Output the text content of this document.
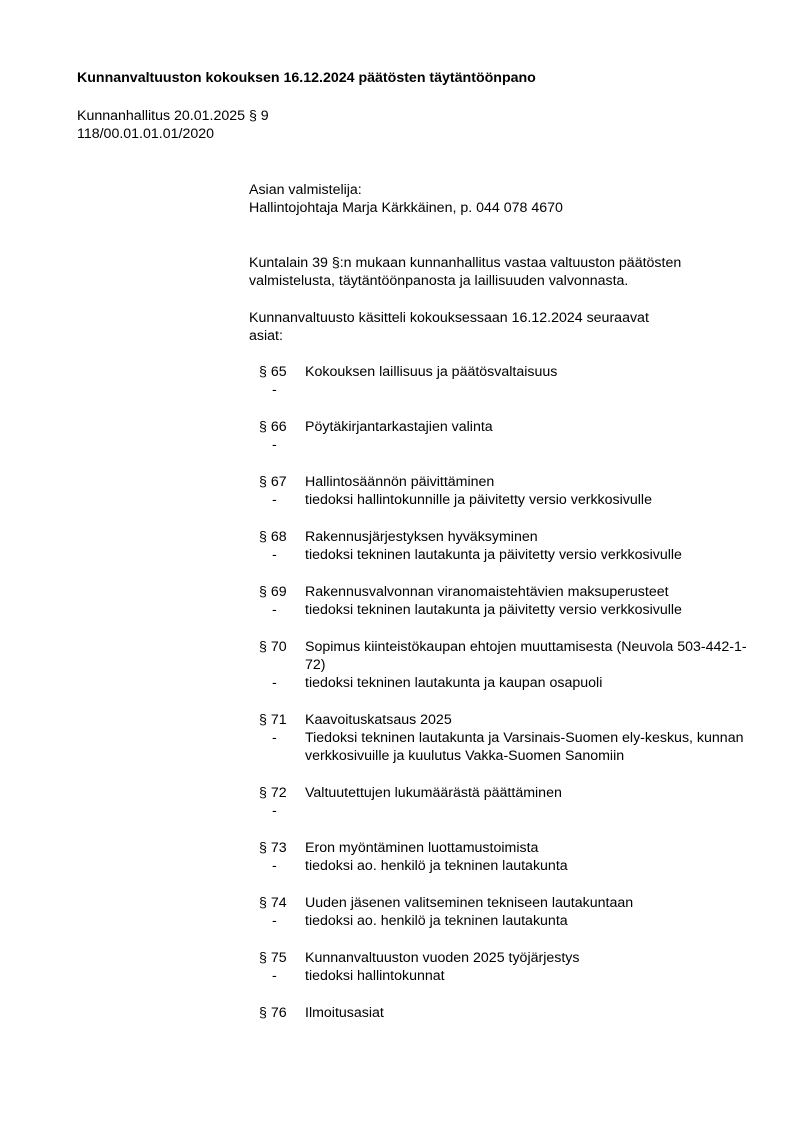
Kunnanvaltuuston kokouksen 16.12.2024 päätösten täytäntöönpano
Kunnanhallitus 20.01.2025 § 9
118/00.01.01.01/2020
Asian valmistelija:
Hallintojohtaja Marja Kärkkäinen, p. 044 078 4670
Kuntalain 39 §:n mukaan kunnanhallitus vastaa valtuuston päätösten
valmistelusta, täytäntöönpanosta ja laillisuuden valvonnasta.
Kunnanvaltuusto käsitteli kokouksessaan 16.12.2024 seuraavat
asiat:
§ 65	Kokouksen laillisuus ja päätösvaltaisuus
-
§ 66	Pöytäkirjantarkastajien valinta
-
§ 67	Hallintosäännön päivittäminen
-	tiedoksi hallintokunnille ja päivitetty versio verkkosivulle
§ 68	Rakennusjärjestyksen hyväksyminen
-	tiedoksi tekninen lautakunta ja päivitetty versio verkkosivulle
§ 69	Rakennusvalvonnan viranomaistehtävien maksuperusteet
-	tiedoksi tekninen lautakunta ja päivitetty versio verkkosivulle
§ 70	Sopimus kiinteistökaupan ehtojen muuttamisesta (Neuvola 503-442-1-72)
-	tiedoksi tekninen lautakunta ja kaupan osapuoli
§ 71	Kaavoituskatsaus 2025
-	Tiedoksi tekninen lautakunta ja Varsinais-Suomen ely-keskus, kunnan verkkosivuille ja kuulutus Vakka-Suomen Sanomiin
§ 72	Valtuutettujen lukumäärästä päättäminen
-
§ 73	Eron myöntäminen luottamustoimista
-	tiedoksi ao. henkilö ja tekninen lautakunta
§ 74	Uuden jäsenen valitseminen tekniseen lautakuntaan
-	tiedoksi ao. henkilö ja tekninen lautakunta
§ 75	Kunnanvaltuuston vuoden 2025 työjärjestys
-	tiedoksi hallintokunnat
§ 76	Ilmoitusasiat
